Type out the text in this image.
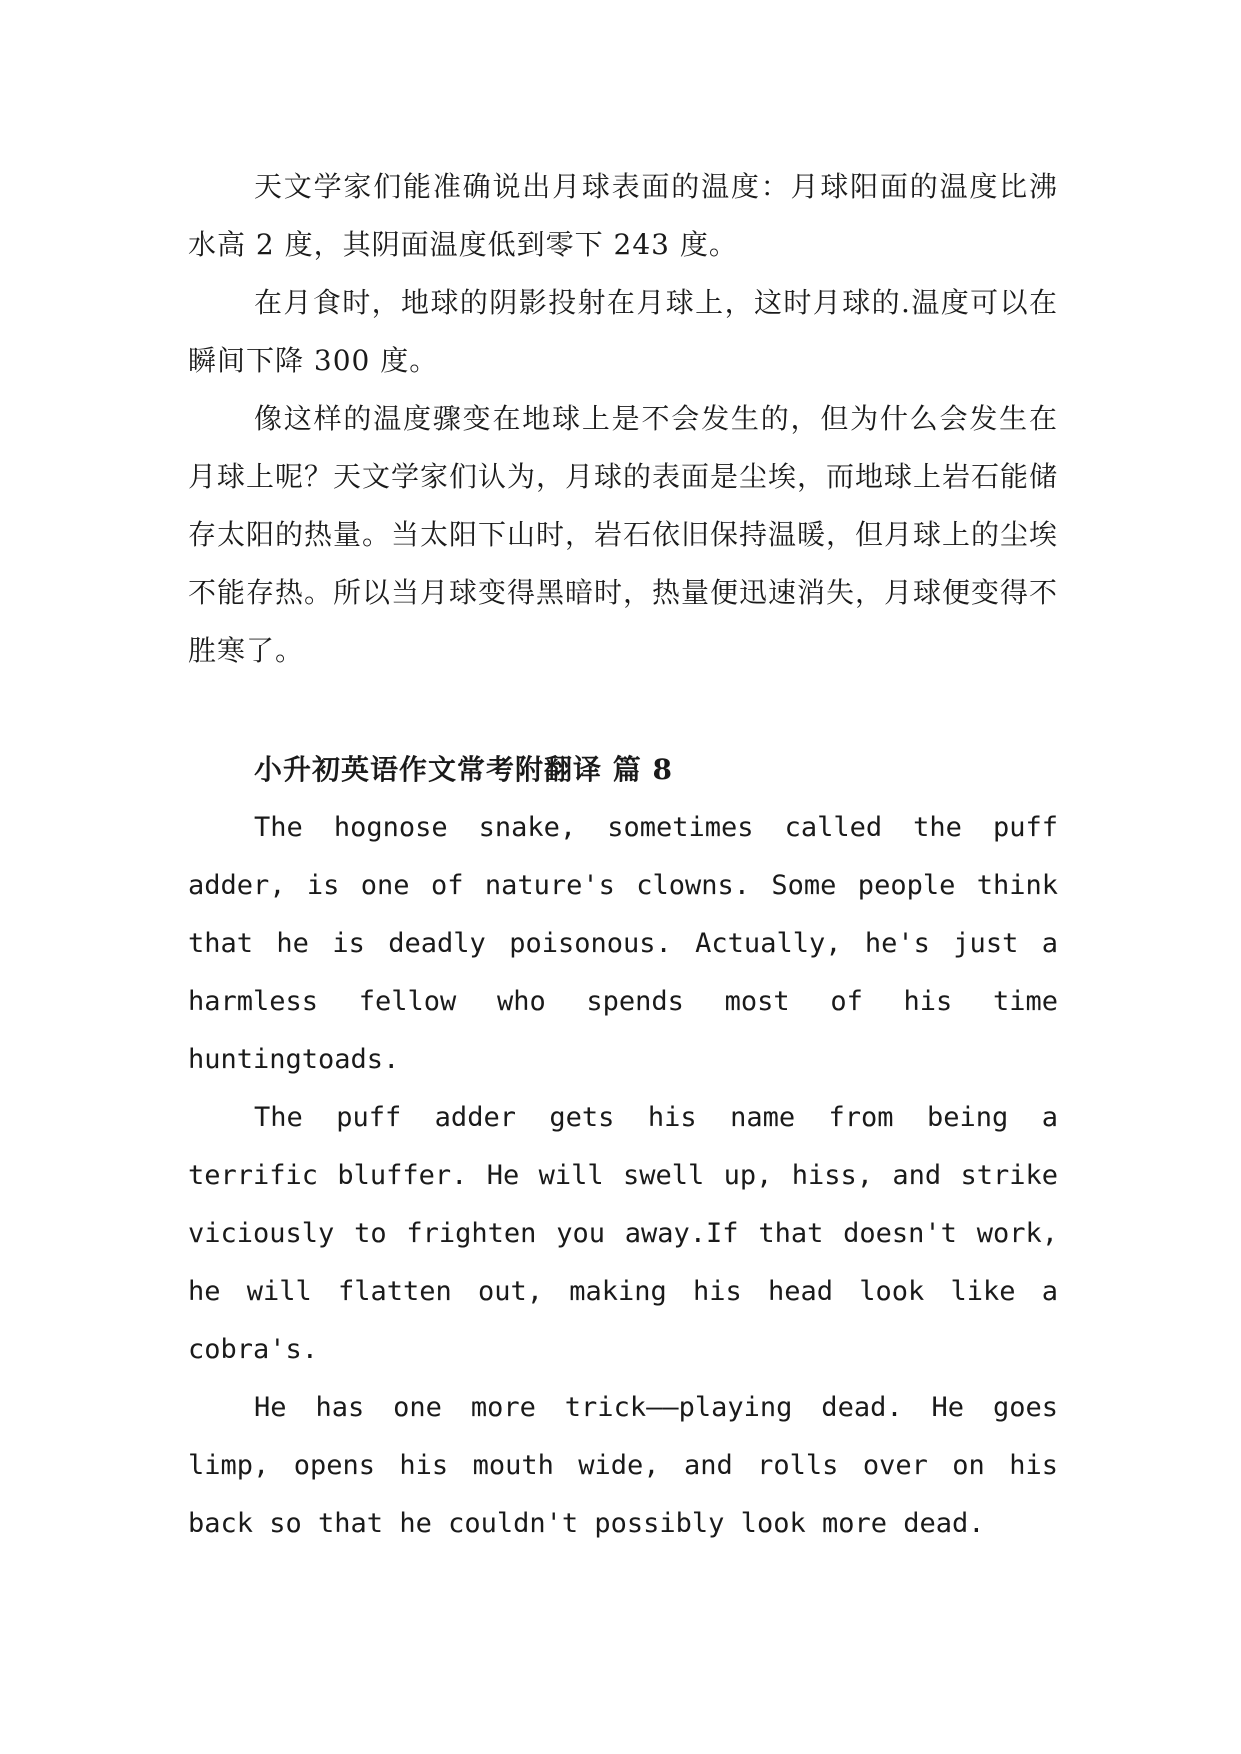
天文学家们能准确说出月球表面的温度：月球阳面的温度比沸水高 2 度，其阴面温度低到零下 243 度。

在月食时，地球的阴影投射在月球上，这时月球的.温度可以在瞬间下降 300 度。

像这样的温度骤变在地球上是不会发生的，但为什么会发生在月球上呢？天文学家们认为，月球的表面是尘埃，而地球上岩石能储存太阳的热量。当太阳下山时，岩石依旧保持温暖，但月球上的尘埃不能存热。所以当月球变得黑暗时，热量便迅速消失，月球便变得不胜寒了。

小升初英语作文常考附翻译 篇 8

The hognose snake, sometimes called the puff adder, is one of nature's clowns. Some people think that he is deadly poisonous. Actually, he's just a harmless fellow who spends most of his time huntingtoads.

The puff adder gets his name from being a terrific bluffer. He will swell up, hiss, and strike viciously to frighten you away.If that doesn't work, he will flatten out, making his head look like a cobra's.

He has one more trick——playing dead. He goes limp, opens his mouth wide, and rolls over on his back so that he couldn't possibly look more dead.
